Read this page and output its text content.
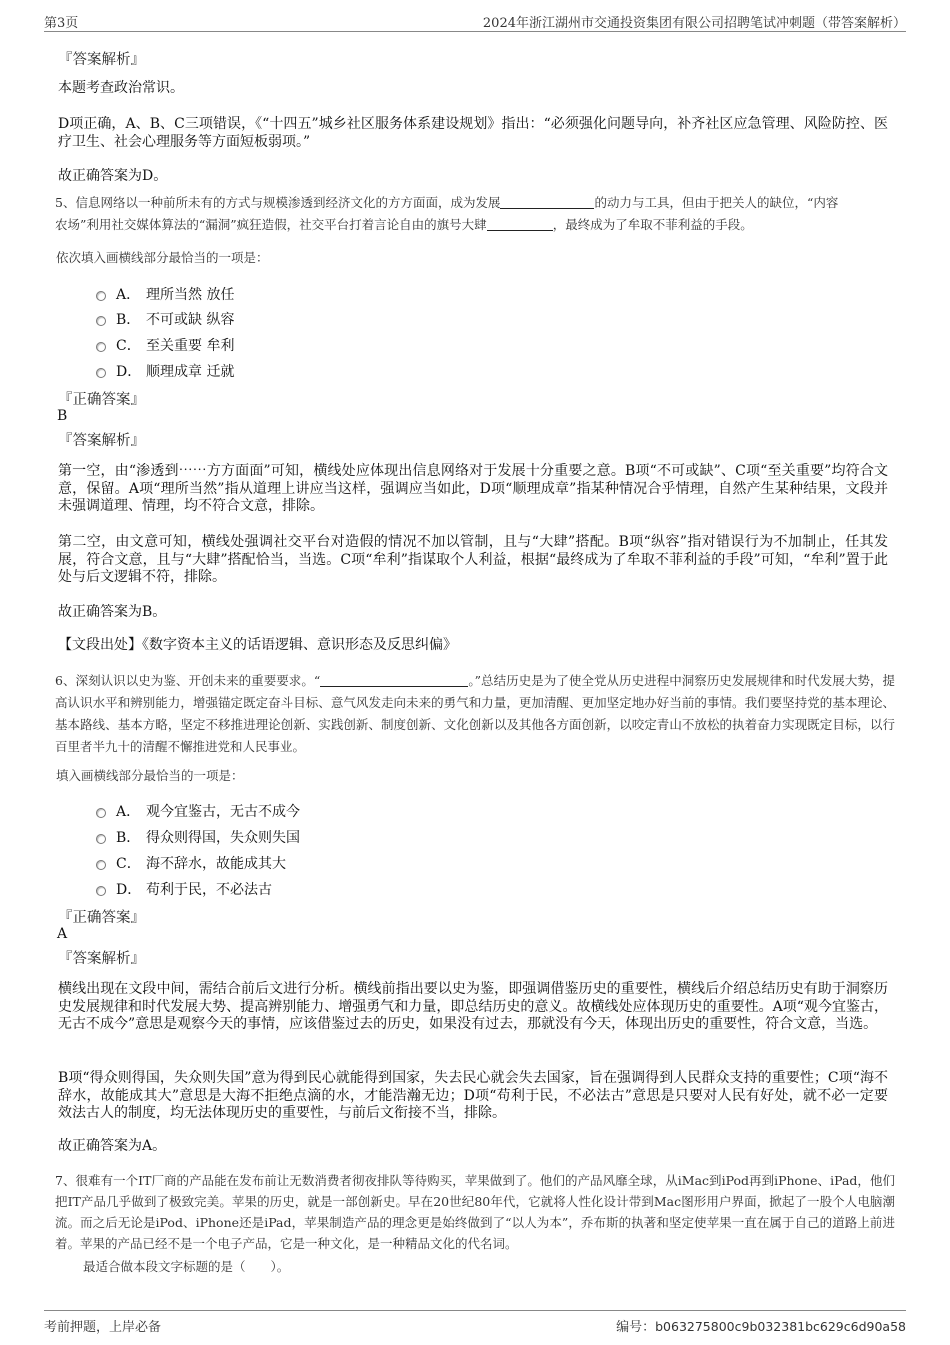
第3页	2024年浙江湖州市交通投资集团有限公司招聘笔试冲刺题（带答案解析）
『答案解析』
本题考查政治常识。
D项正确，A、B、C三项错误，《“十四五”城乡社区服务体系建设规划》指出：“必须强化问题导向，补齐社区应急管理、风险防控、医疗卫生、社会心理服务等方面短板弱项。”
故正确答案为D。
5、信息网络以一种前所未有的方式与规模渗透到经济文化的方方面面，成为发展	的动力与工具，但由于把关人的缺位，“内容
农场”利用社交媒体算法的“漏洞”疯狂造假，社交平台打着言论自由的旗号大肆	，最终成为了牟取不菲利益的手段。
依次填入画横线部分最恰当的一项是：
A． 理所当然 放任
B． 不可或缺 纵容
C． 至关重要 牟利
D． 顺理成章 迁就
『正确答案』
B
『答案解析』
第一空，由“渗透到⋯⋯方方面面”可知，横线处应体现出信息网络对于发展十分重要之意。B项“不可或缺”、C项“至关重要”均符合文意，保留。A项“理所当然”指从道理上讲应当这样，强调应当如此，D项“顺理成章”指某种情况合乎情理，自然产生某种结果，文段并未强调道理、情理，均不符合文意，排除。
第二空，由文意可知，横线处强调社交平台对造假的情况不加以管制，且与“大肆”搭配。B项“纵容”指对错误行为不加制止，任其发展，符合文意，且与“大肆”搭配恰当，当选。C项“牟利”指谋取个人利益，根据“最终成为了牟取不菲利益的手段”可知，“牟利”置于此处与后文逻辑不符，排除。
故正确答案为B。
【文段出处】《数字资本主义的话语逻辑、意识形态及反思纠偏》
6、深刻认识以史为鉴、开创未来的重要要求。“	。”总结历史是为了使全党从历史进程中洞察历史发展规律和时代发展大势，提高认识水平和辨别能力，增强锚定既定奋斗目标、意气风发走向未来的勇气和力量，更加清醒、更加坚定地办好当前的事情。我们要坚持党的基本理论、基本路线、基本方略，坚定不移推进理论创新、实践创新、制度创新、文化创新以及其他各方面创新，以咬定青山不放松的执着奋力实现既定目标，以行百里者半九十的清醒不懈推进党和人民事业。
填入画横线部分最恰当的一项是：
A． 观今宜鉴古，无古不成今
B． 得众则得国，失众则失国
C． 海不辞水，故能成其大
D． 苟利于民，不必法古
『正确答案』
A
『答案解析』
横线出现在文段中间，需结合前后文进行分析。横线前指出要以史为鉴，即强调借鉴历史的重要性，横线后介绍总结历史有助于洞察历史发展规律和时代发展大势、提高辨别能力、增强勇气和力量，即总结历史的意义。故横线处应体现历史的重要性。A项“观今宜鉴古，无古不成今”意思是观察今天的事情，应该借鉴过去的历史，如果没有过去，那就没有今天，体现出历史的重要性，符合文意，当选。
B项“得众则得国，失众则失国”意为得到民心就能得到国家，失去民心就会失去国家，旨在强调得到人民群众支持的重要性；C项“海不辞水，故能成其大”意思是大海不拒绝点滴的水，才能浩瀚无边；D项“苟利于民，不必法古”意思是只要对人民有好处，就不必一定要效法古人的制度，均无法体现历史的重要性，与前后文衔接不当，排除。
故正确答案为A。
7、很难有一个IT厂商的产品能在发布前让无数消费者彻夜排队等待购买，苹果做到了。他们的产品风靡全球，从iMac到iPod再到iPhone、iPad，他们把IT产品几乎做到了极致完美。苹果的历史，就是一部创新史。早在20世纪80年代，它就将人性化设计带到Mac图形用户界面，掀起了一股个人电脑潮流。而之后无论是iPod、iPhone还是iPad，苹果制造产品的理念更是始终做到了“以人为本”，乔布斯的执著和坚定使苹果一直在属于自己的道路上前进着。苹果的产品已经不是一个电子产品，它是一种文化，是一种精品文化的代名词。
最适合做本段文字标题的是（　　）。
考前押题，上岸必备	编号：b063275800c9b032381bc629c6d90a58
